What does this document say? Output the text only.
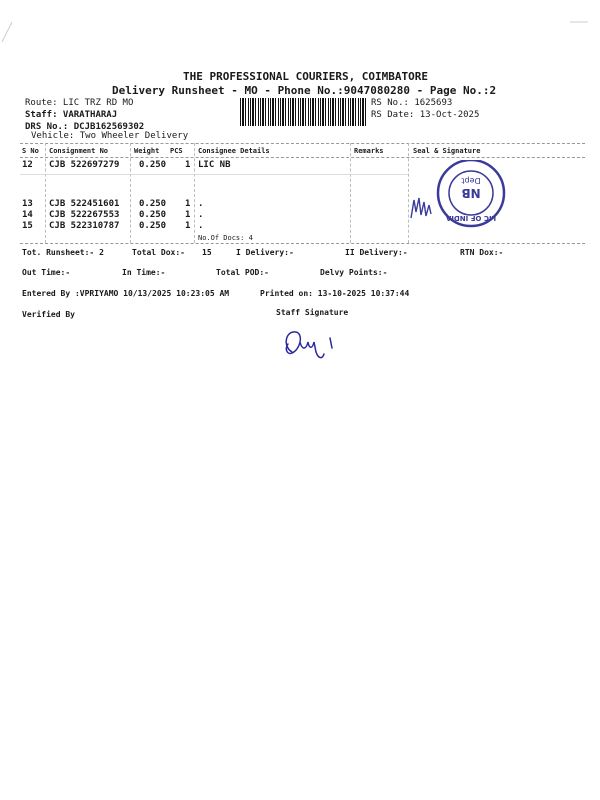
THE PROFESSIONAL COURIERS, COIMBATORE
Delivery Runsheet - MO - Phone No.:9047080280 - Page No.:2
Route: LIC TRZ RD MO
Staff: VARATHARAJ
DRS No.: DCJB162569302
Vehicle: Two Wheeler Delivery
RS No.: 1625693
RS Date: 13-Oct-2025
S No Consignment No	Weight PCS Consignee Details	Remarks	Seal & Signature
12 CJB 522697279 0.250 1 LIC NB
13 CJB 522451601 0.250 1 .
14 CJB 522267553 0.250 1 .
15 CJB 522310787 0.250 1 .
No.Of Docs: 4
LIC OF INDIA
NB
Dept
Tot. Runsheet:- 2	Total Dox:- 15	I Delivery:-	II Delivery:-	RTN Dox:-
Out Time:-	In Time:-	Total POD:-	Delvy Points:-
Entered By :VPRIYAMO 10/13/2025 10:23:05 AM	Printed on: 13-10-2025 10:37:44
Verified By	Staff Signature
